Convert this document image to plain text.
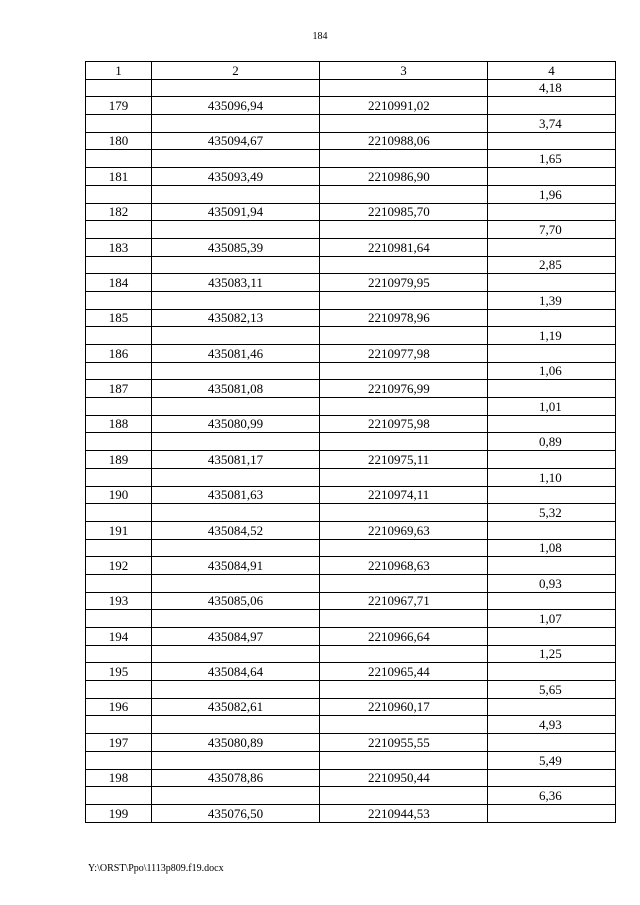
184
1	2	3	4
			4,18
179	435096,94	2210991,02	
			3,74
180	435094,67	2210988,06	
			1,65
181	435093,49	2210986,90	
			1,96
182	435091,94	2210985,70	
			7,70
183	435085,39	2210981,64	
			2,85
184	435083,11	2210979,95	
			1,39
185	435082,13	2210978,96	
			1,19
186	435081,46	2210977,98	
			1,06
187	435081,08	2210976,99	
			1,01
188	435080,99	2210975,98	
			0,89
189	435081,17	2210975,11	
			1,10
190	435081,63	2210974,11	
			5,32
191	435084,52	2210969,63	
			1,08
192	435084,91	2210968,63	
			0,93
193	435085,06	2210967,71	
			1,07
194	435084,97	2210966,64	
			1,25
195	435084,64	2210965,44	
			5,65
196	435082,61	2210960,17	
			4,93
197	435080,89	2210955,55	
			5,49
198	435078,86	2210950,44	
			6,36
199	435076,50	2210944,53	
Y:\ORST\Ppo\1113p809.f19.docx
